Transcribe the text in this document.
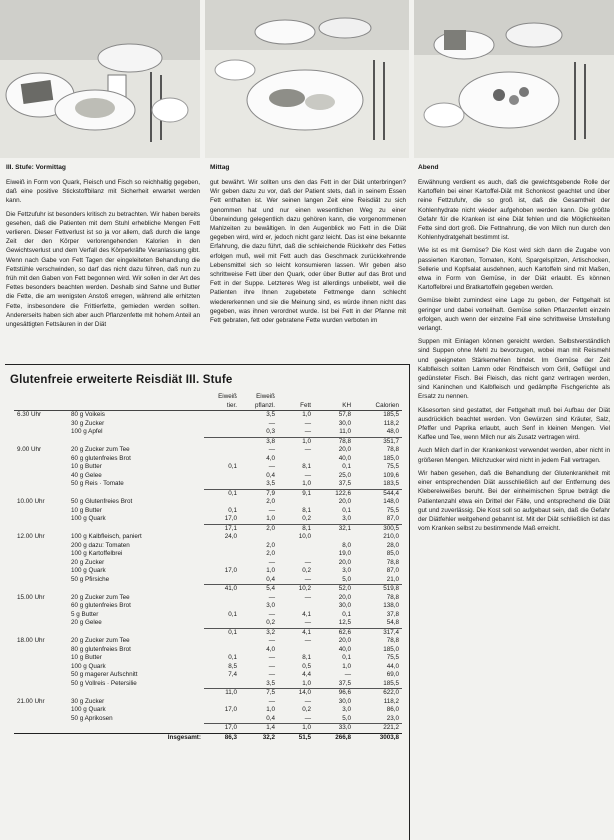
III. Stufe: Vormittag	Mittag	Abend

Eiweiß in Form von Quark, Fleisch und Fisch so reichhaltig gegeben, daß eine positive Stickstoffbilanz mit Sicherheit erwartet werden kann.

Die Fettzufuhr ist besonders kritisch zu betrachten. Wir haben bereits gesehen, daß die Patienten mit dem Stuhl erhebliche Mengen Fett verlieren. Dieser Fettverlust ist so ja vor allem, daß durch die lange Zeit der den Körper verlorengehenden Kalorien in den Gewichtsverlust und dem Verfall des Körperkräfte Veranlassung gibt. Wenn nach Gabe von Fett Tagen der eingeleiteten Behandlung die Fettstühle verschwinden, so darf das nicht dazu führen, daß nun zu früh mit den Gaben von Fett begonnen wird. Wir sollen in der Art des Fettes besonders beachten werden. Deshalb sind Sahne und Butter die Fette, die am wenigsten Anstoß erregen, während alle erhitzten Fette, insbesondere die Frittierfette, gemieden werden sollten. Andererseits haben sich aber auch Pflanzenfette mit hohem Anteil an ungesättigten Fettsäuren in der Diät

gut bewährt. Wir sollten uns den das Fett in der Diät unterbringen? Wir geben dazu zu vor, daß der Patient stets, daß in seinem Essen Fett enthalten ist. Wer seinen langen Zeit eine Reisdiät zu sich genommen hat und nur einen wesentlichen Weg zu einer Überwindung gelegentlich dazu gehören kann, die vorgenommenen Mahlzeiten zu bewältigen. In den Augenblick wo Fett in die Diät gegeben wird, wird er, jedoch nicht ganz leicht. Das ist eine bekannte Erfahrung, die dazu führt, daß die schleichende Rückkehr des Fettes erfolgen muß, weil mit Fett auch das Geschmack zurückkehrende Lebensmittel sich so leicht konsumieren lassen. Wir geben also schrittweise Fett über den Quark, oder über Butter auf das Brot und Fett in der Suppe. Letzteres Weg ist allerdings unbeliebt, weil die Patienten ihre Ihnen zugebetete Fettmenge dann schlecht wiedererkennen und sie die Meinung sind, es würde ihnen nicht das gegeben, was ihnen verordnet wurde. Ist bei Fett in der Pfanne mit Fett gebraten, fett oder gebratene Fette wurden verboten im

Erwähnung verdient es auch, daß die gewichtsgebende Rolle der Kartoffeln bei einer Kartoffel-Diät mit Schonkost geachtet und über reine Fettzufuhr, die so groß ist, daß die Gesamtheit der Kohlenhydrate nicht wieder aufgehoben werden kann. Die größte Gefahr für die Kranken ist eine Diät fehlen und die Möglichkeiten Fette sind dort groß. Die Fettnahrung, die von Milch nun durch den Kohlenhydratgehalt bestimmt ist.

Wie ist es mit Gemüse? Die Kost wird sich dann die Zugabe von passierten Karotten, Tomaten, Kohl, Spargelspitzen, Artischocken, Sellerie und Kopfsalat ausdehnen, auch Kartoffeln sind mit Maßen, etwa in Form von Gemüse, in der Diät erlaubt. Es können Kartoffelbrei und Bratkartoffeln gegeben werden.

Gemüse bleibt zumindest eine Lage zu geben, der Fettgehalt ist geringer und dabei vorteilhaft. Gemüse sollen Pflanzenfett einzeln erfolgen, auch wenn der einzelne Fall eine schrittweise Umstellung verlangt.

Suppen mit Einlagen können gereicht werden. Selbstverständlich sind Suppen ohne Mehl zu bevorzugen, wobei man mit Reismehl und geeigneten Stärkemehlen bindet. Im Gemüse der Zeit Kalbfleisch sollten Lamm oder Rindfleisch vom Grill, Geflügel und gedünsteter Fisch. Bei Fleisch, das nicht ganz vertragen werden, sind Kaninchen und Kalbfleisch und gedämpfte Fischgerichte als Ersatz zu nennen.

Käsesorten sind gestattet, der Fettgehalt muß bei Aufbau der Diät ausdrücklich beachtet werden. Von Gewürzen sind Kräuter, Salz, Pfeffer und Paprika erlaubt, auch Senf in kleinen Mengen. Viel Kaffee und Tee, wenn Milch nur als Zusatz vertragen wird.

Auch Milch darf in der Krankenkost verwendet werden, aber nicht in größeren Mengen. Milchzucker wird nicht in jedem Fall vertragen.

Wir haben gesehen, daß die Behandlung der Glutenkrankheit mit einer entsprechenden Diät ausschließlich auf der Entfernung des Klebereiweißes beruht. Bei der einheimischen Sprue beträgt die Patientenzahl etwa ein Drittel der Fälle, und entsprechend die Diät gut und zuverlässig. Die Kost soll so aufgebaut sein, daß die Gefahr der Diätfehler weitgehend gebannt ist. Mit der Diät schließlich ist das vom Kranken selbst zu bestimmende Maß erreicht.

Glutenfreie erweiterte Reisdiät III. Stufe
		Eiweiß tier.	Eiweiß pflanzl.	Fett	KH	Calorien
6.30 Uhr	80 g Voikeis		3,5	1,0	57,8	185,5
	30 g Zucker		—	—	30,0	118,2
	100 g Apfel		0,3	—	11,0	48,0
			3,8	1,0	78,8	351,7
9.00 Uhr	20 g Zucker zum Tee		—	—	20,0	78,8
	60 g glutenfreies Brot		4,0		40,0	185,0
	10 g Butter	0,1	—	8,1	0,1	75,5
	40 g Gelee		0,4	—	25,0	109,6
	50 g Reis · Tomate		3,5	1,0	37,5	183,5
		0,1	7,9	9,1	122,6	544,4
10.00 Uhr	50 g Glutenfreies Brot		2,0		20,0	148,0
	10 g Butter	0,1	—	8,1	0,1	75,5
	100 g Quark	17,0	1,0	0,2	3,0	87,0
		17,1	2,0	8,1	32,1	300,5
12.00 Uhr	100 g Kalbfleisch, paniert	24,0		10,0		210,0
	200 g dazu: Tomaten		2,0		8,0	28,0
	100 g Kartoffelbrei		2,0		19,0	85,0
	20 g Zucker		—	—	20,0	78,8
	100 g Quark	17,0	1,0	0,2	3,0	87,0
	50 g Pfirsiche		0,4	—	5,0	21,0
		41,0	5,4	10,2	52,0	519,8
15.00 Uhr	20 g Zucker zum Tee		—	—	20,0	78,8
	60 g glutenfreies Brot		3,0		30,0	138,0
	5 g Butter	0,1	—	4,1	0,1	37,8
	20 g Gelee		0,2	—	12,5	54,8
		0,1	3,2	4,1	62,6	317,4
18.00 Uhr	20 g Zucker zum Tee		—	—	20,0	78,8
	80 g glutenfreies Brot		4,0		40,0	185,0
	10 g Butter	0,1	—	8,1	0,1	75,5
	100 g Quark	8,5	—	0,5	1,0	44,0
	50 g magerer Aufschnitt	7,4	—	4,4	—	69,0
	50 g Vollreis · Petersilie		3,5	1,0	37,5	185,5
		11,0	7,5	14,0	96,6	622,0
21.00 Uhr	30 g Zucker		—	—	30,0	118,2
	100 g Quark	17,0	1,0	0,2	3,0	86,0
	50 g Aprikosen		0,4	—	5,0	23,0
		17,0	1,4	1,0	33,0	221,2
	Insgesamt:	86,3	32,2	51,5	266,8	3003,8
